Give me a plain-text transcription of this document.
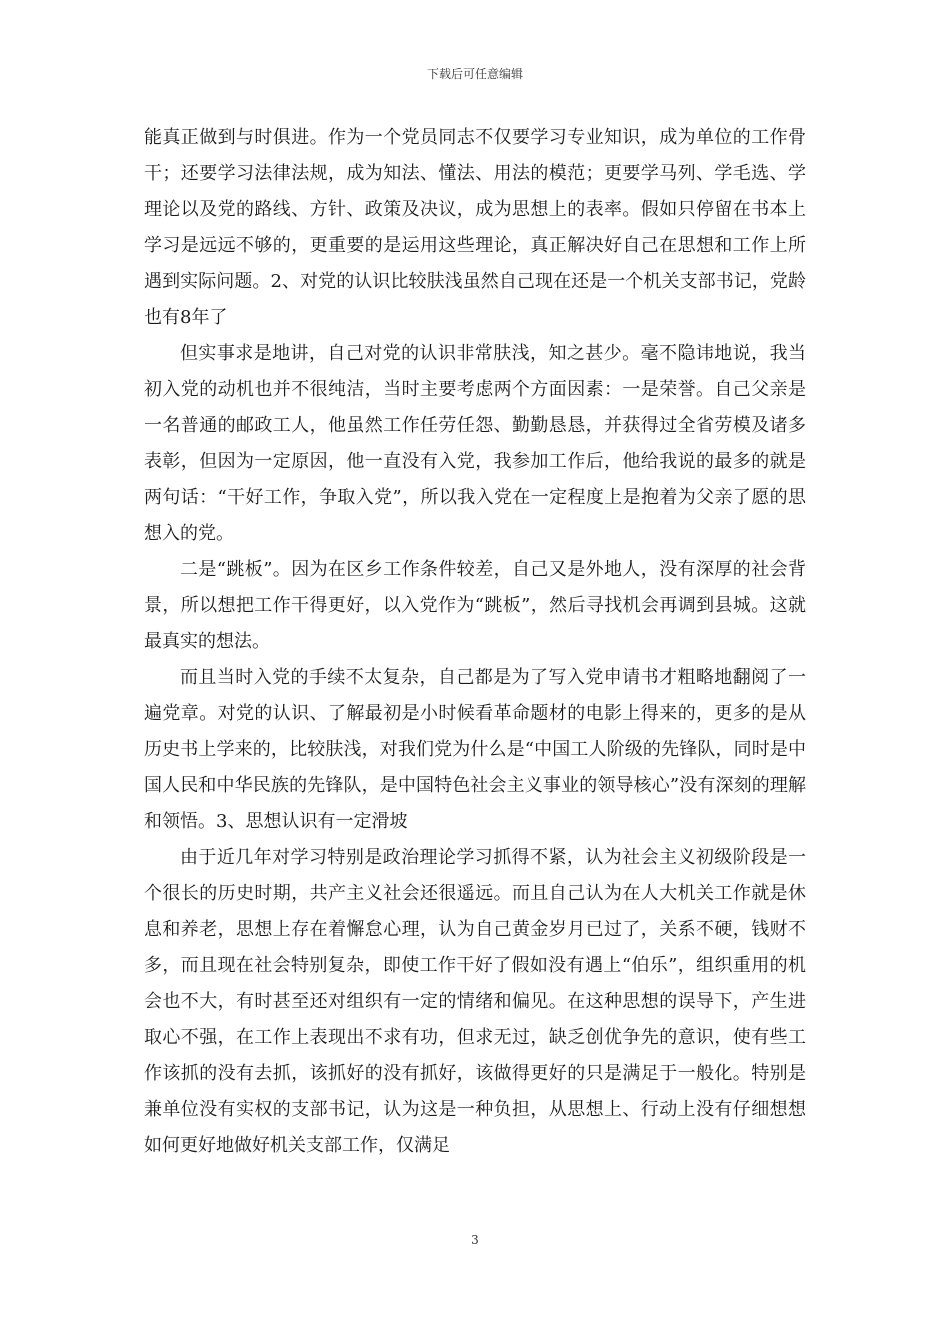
下载后可任意编辑

能真正做到与时俱进。作为一个党员同志不仅要学习专业知识，成为单位的工作骨干；还要学习法律法规，成为知法、懂法、用法的模范；更要学马列、学毛选、学理论以及党的路线、方针、政策及决议，成为思想上的表率。假如只停留在书本上学习是远远不够的，更重要的是运用这些理论，真正解决好自己在思想和工作上所遇到实际问题。2、对党的认识比较肤浅虽然自己现在还是一个机关支部书记，党龄也有8年了

但实事求是地讲，自己对党的认识非常肤浅，知之甚少。毫不隐讳地说，我当初入党的动机也并不很纯洁，当时主要考虑两个方面因素：一是荣誉。自己父亲是一名普通的邮政工人，他虽然工作任劳任怨、勤勤恳恳，并获得过全省劳模及诸多表彰，但因为一定原因，他一直没有入党，我参加工作后，他给我说的最多的就是两句话：“干好工作，争取入党”，所以我入党在一定程度上是抱着为父亲了愿的思想入的党。

二是“跳板”。因为在区乡工作条件较差，自己又是外地人，没有深厚的社会背景，所以想把工作干得更好，以入党作为“跳板”，然后寻找机会再调到县城。这就最真实的想法。

而且当时入党的手续不太复杂，自己都是为了写入党申请书才粗略地翻阅了一遍党章。对党的认识、了解最初是小时候看革命题材的电影上得来的，更多的是从历史书上学来的，比较肤浅，对我们党为什么是“中国工人阶级的先锋队，同时是中国人民和中华民族的先锋队，是中国特色社会主义事业的领导核心”没有深刻的理解和领悟。3、思想认识有一定滑坡

由于近几年对学习特别是政治理论学习抓得不紧，认为社会主义初级阶段是一个很长的历史时期，共产主义社会还很遥远。而且自己认为在人大机关工作就是休息和养老，思想上存在着懈怠心理，认为自己黄金岁月已过了，关系不硬，钱财不多，而且现在社会特别复杂，即使工作干好了假如没有遇上“伯乐”，组织重用的机会也不大，有时甚至还对组织有一定的情绪和偏见。在这种思想的误导下，产生进取心不强，在工作上表现出不求有功，但求无过，缺乏创优争先的意识，使有些工作该抓的没有去抓，该抓好的没有抓好，该做得更好的只是满足于一般化。特别是兼单位没有实权的支部书记，认为这是一种负担，从思想上、行动上没有仔细想想如何更好地做好机关支部工作，仅满足

3
